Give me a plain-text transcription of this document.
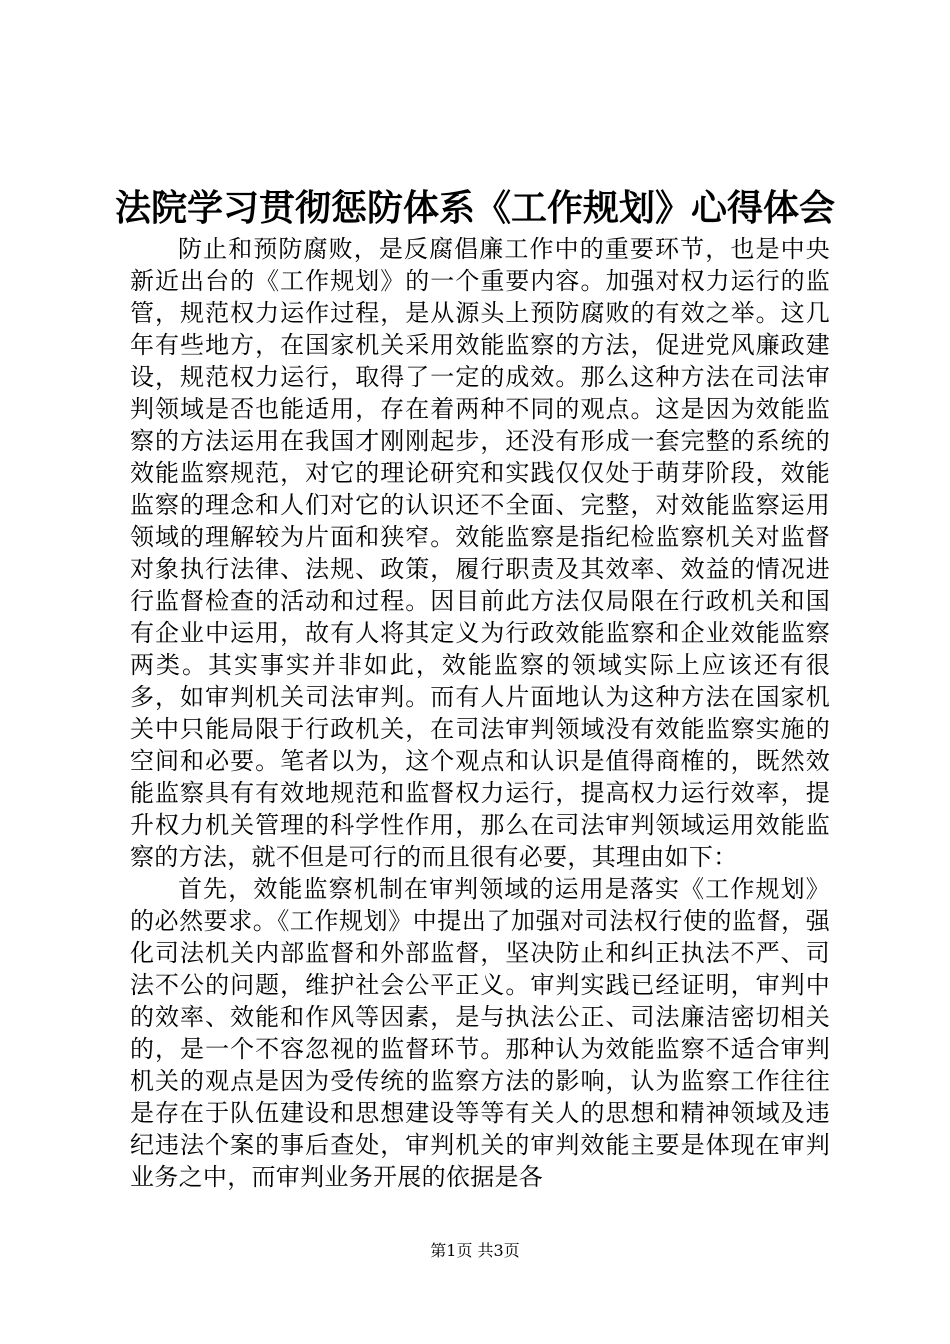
法院学习贯彻惩防体系《工作规划》心得体会

防止和预防腐败，是反腐倡廉工作中的重要环节，也是中央新近出台的《工作规划》的一个重要内容。加强对权力运行的监管，规范权力运作过程，是从源头上预防腐败的有效之举。这几年有些地方，在国家机关采用效能监察的方法，促进党风廉政建设，规范权力运行，取得了一定的成效。那么这种方法在司法审判领域是否也能适用，存在着两种不同的观点。这是因为效能监察的方法运用在我国才刚刚起步，还没有形成一套完整的系统的效能监察规范，对它的理论研究和实践仅仅处于萌芽阶段，效能监察的理念和人们对它的认识还不全面、完整，对效能监察运用领域的理解较为片面和狭窄。效能监察是指纪检监察机关对监督对象执行法律、法规、政策，履行职责及其效率、效益的情况进行监督检查的活动和过程。因目前此方法仅局限在行政机关和国有企业中运用，故有人将其定义为行政效能监察和企业效能监察两类。其实事实并非如此，效能监察的领域实际上应该还有很多，如审判机关司法审判。而有人片面地认为这种方法在国家机关中只能局限于行政机关，在司法审判领域没有效能监察实施的空间和必要。笔者以为，这个观点和认识是值得商榷的，既然效能监察具有有效地规范和监督权力运行，提高权力运行效率，提升权力机关管理的科学性作用，那么在司法审判领域运用效能监察的方法，就不但是可行的而且很有必要，其理由如下：

首先，效能监察机制在审判领域的运用是落实《工作规划》的必然要求。《工作规划》中提出了加强对司法权行使的监督，强化司法机关内部监督和外部监督，坚决防止和纠正执法不严、司法不公的问题，维护社会公平正义。审判实践已经证明，审判中的效率、效能和作风等因素，是与执法公正、司法廉洁密切相关的，是一个不容忽视的监督环节。那种认为效能监察不适合审判机关的观点是因为受传统的监察方法的影响，认为监察工作往往是存在于队伍建设和思想建设等等有关人的思想和精神领域及违纪违法个案的事后查处，审判机关的审判效能主要是体现在审判业务之中，而审判业务开展的依据是各

第1页 共3页
